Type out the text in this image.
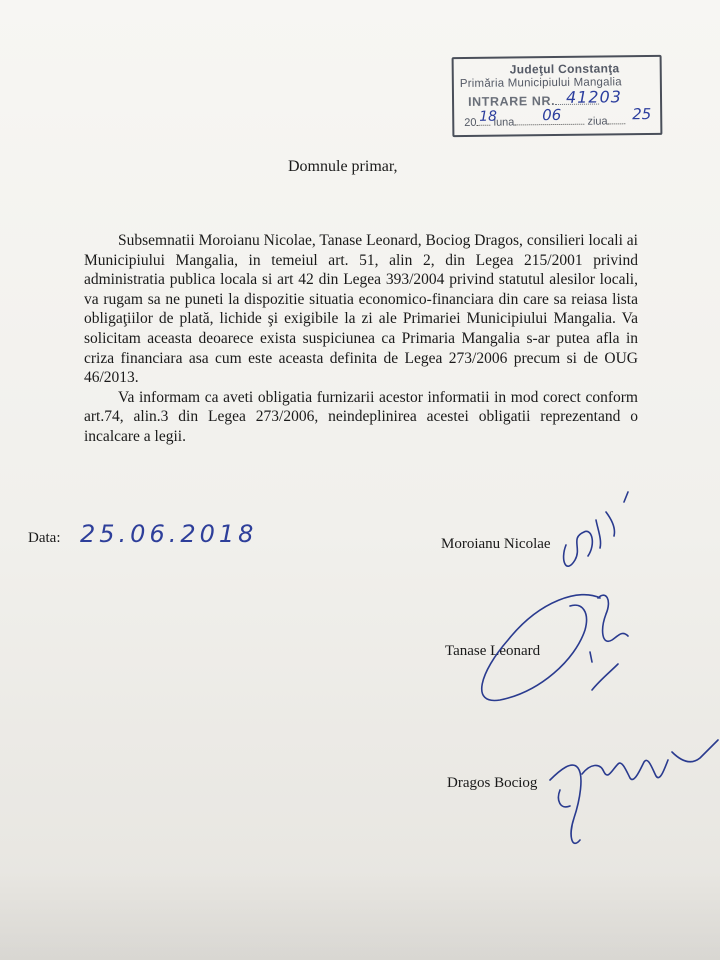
Judeţul Constanţa
Primăria Municipiului Mangalia
INTRARE NR.
20 luna	ziua
41203
18	06	25
Domnule primar,

Subsemnatii Moroianu Nicolae, Tanase Leonard, Bociog Dragos, consilieri locali ai Municipiului Mangalia, in temeiul art. 51, alin 2, din Legea 215/2001 privind administratia publica locala si art 42 din Legea 393/2004 privind statutul alesilor locali, va rugam sa ne puneti la dispozitie situatia economico-financiara din care sa reiasa lista obligaţiilor de plată, lichide şi exigibile la zi ale Primariei Municipiului Mangalia. Va solicitam aceasta deoarece exista suspiciunea ca Primaria Mangalia s-ar putea afla in criza financiara asa cum este aceasta definita de Legea 273/2006 precum si de OUG 46/2013.

Va informam ca aveti obligatia furnizarii acestor informatii in mod corect conform art.74, alin.3 din Legea 273/2006, neindeplinirea acestei obligatii reprezentand o incalcare a legii.

Data: 25.06.2018	Moroianu Nicolae
Tanase Leonard
Dragos Bociog
